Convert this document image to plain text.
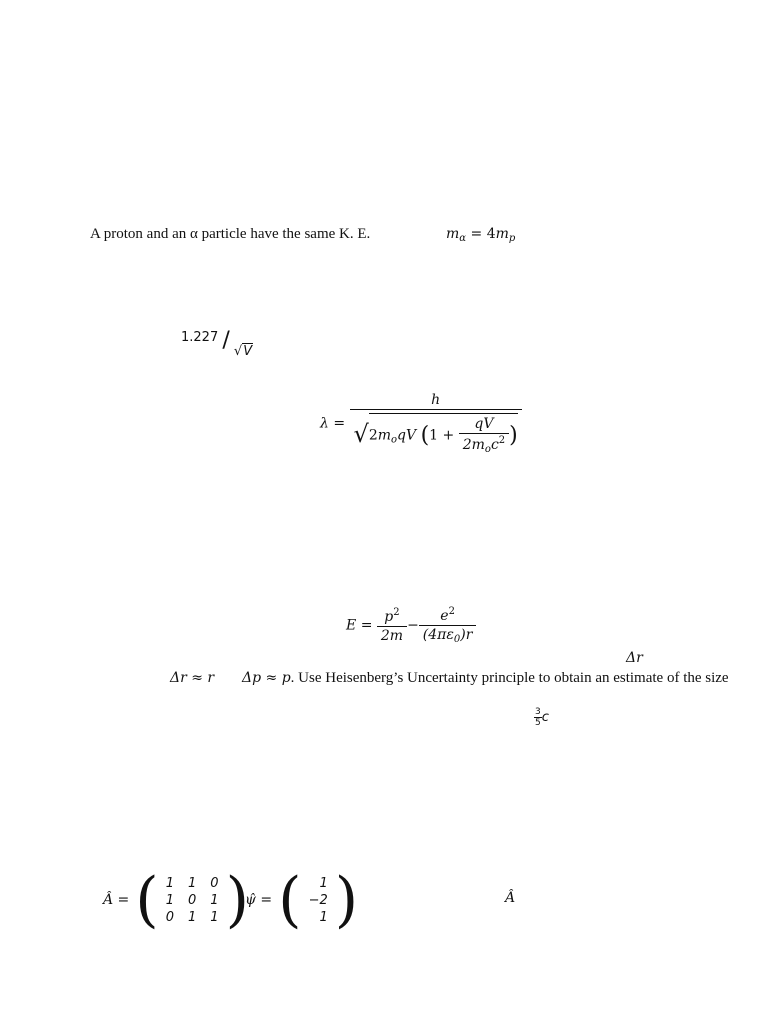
A proton and an α particle have the same K. E.	$m_\alpha = 4m_p$
1.227 / √V
λ =
h
$√2m_oqV$ ($1 + \frac{qV}{2m_oc^2}$ )
$E = \frac{p^2}{2m} - \frac{e^2}{(4\pi\varepsilon_0)r}$
Δr
Δr ≈ r Δp ≈ p. Use Heisenberg’s Uncertainty principle to obtain an estimate of the size
$\frac{3}{5}$ c
Â = ( 1	1	0
1	0	1
0	1	1 )
ψ̂ = ( 1
−2
1 )	Â
